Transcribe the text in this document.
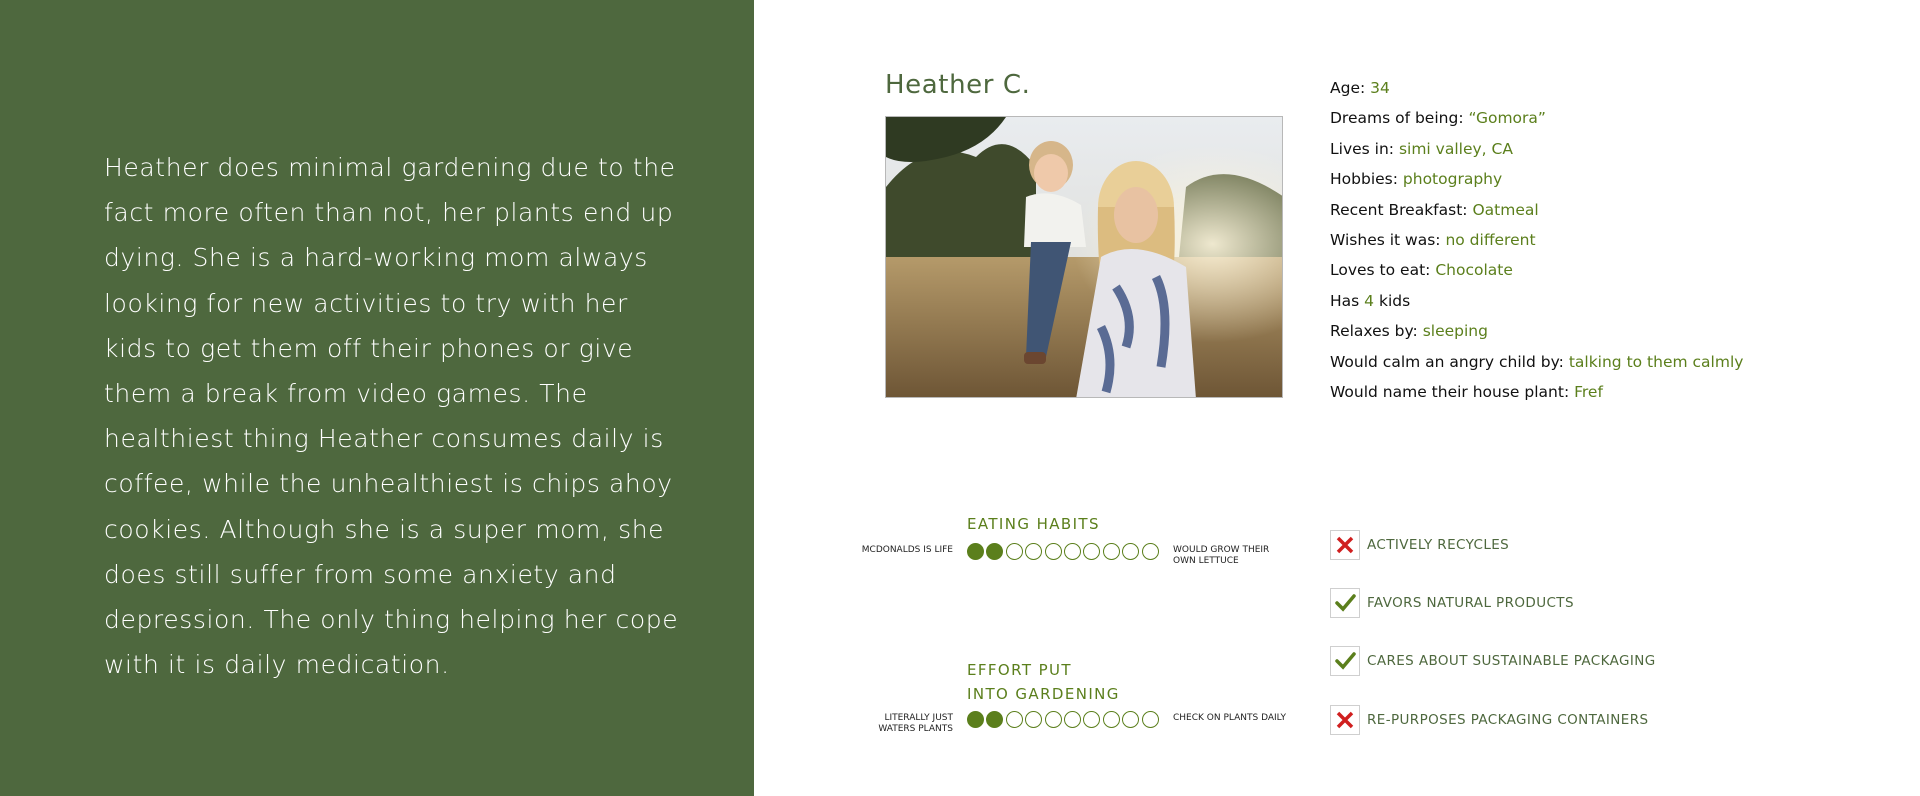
Heather does minimal gardening due to the fact more often than not, her plants end up dying. She is a hard-working mom always looking for new activities to try with her kids to get them off their phones or give them a break from video games. The healthiest thing Heather consumes daily is coffee, while the unhealthiest is chips ahoy cookies. Although she is a super mom, she does still suffer from some anxiety and depression. The only thing helping her cope with it is daily medication.

Heather C.	Age: 34
Dreams of being: “Gomora”
Lives in: simi valley, CA
Hobbies: photography
Recent Breakfast: Oatmeal
Wishes it was: no different
Loves to eat: Chocolate
Has 4 kids
Relaxes by: sleeping
Would calm an angry child by: talking to them calmly
Would name their house plant: Fref
EATING HABITS
MCDONALDS IS LIFE	WOULD GROW THEIR OWN LETTUCE
EFFORT PUT
INTO GARDENING
LITERALLY JUST WATERS PLANTS
CHECK ON PLANTS DAILY
ACTIVELY RECYCLES
FAVORS NATURAL PRODUCTS
CARES ABOUT SUSTAINABLE PACKAGING
RE-PURPOSES PACKAGING CONTAINERS
